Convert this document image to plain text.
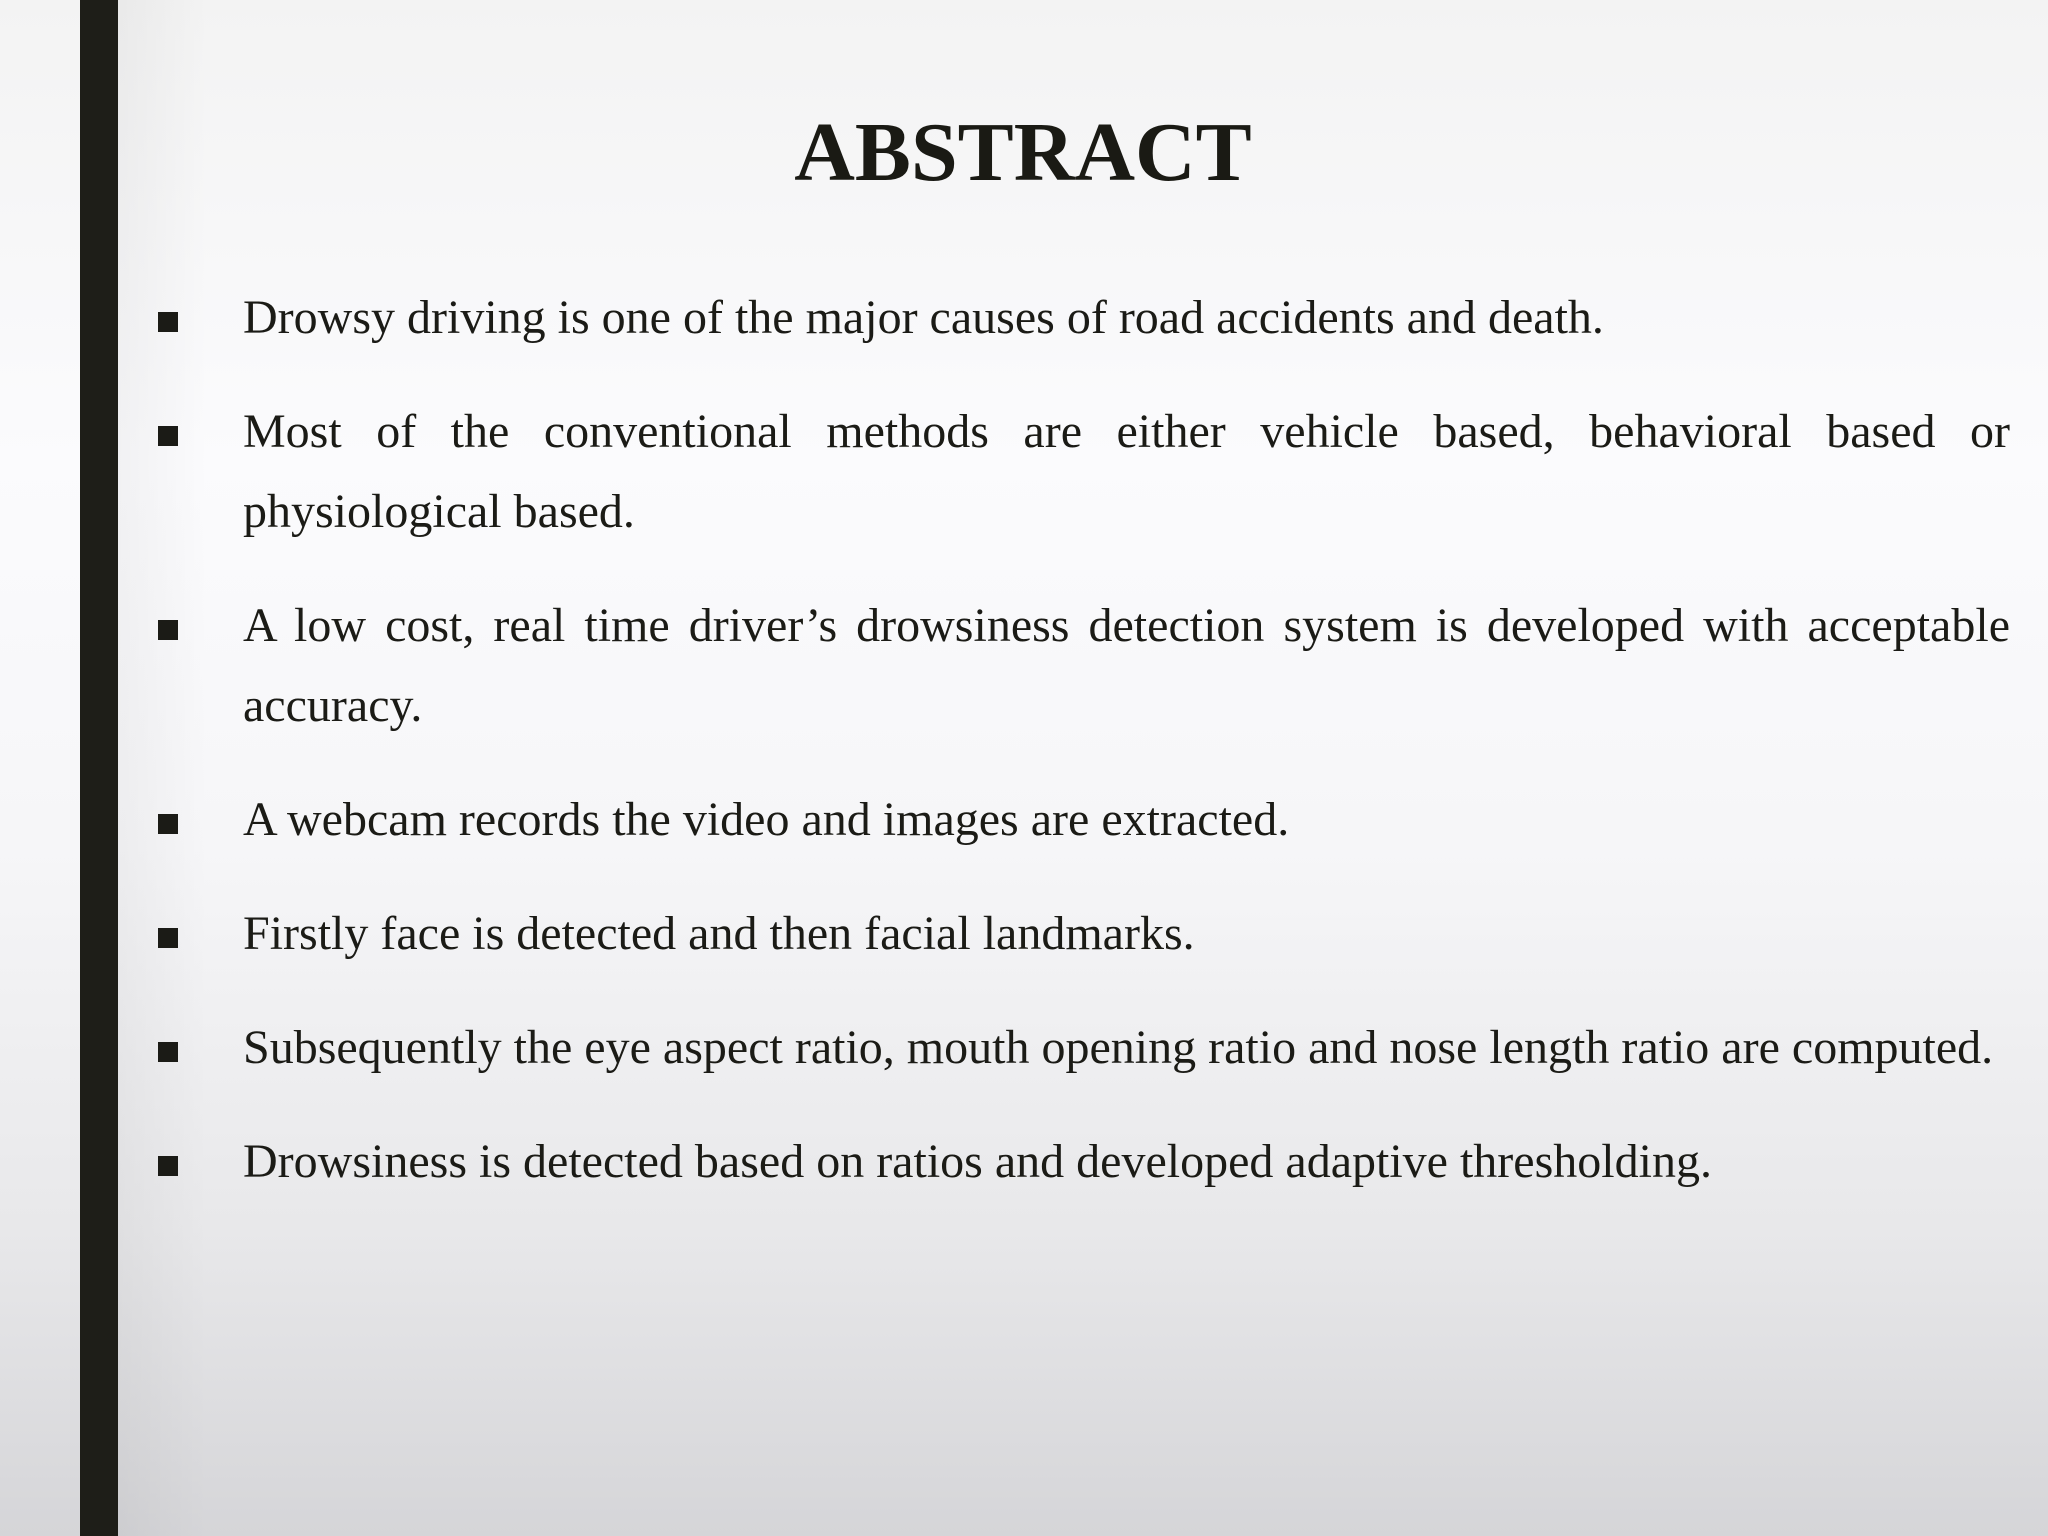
ABSTRACT
Drowsy driving is one of the major causes of road accidents and death.
Most of the conventional methods are either vehicle based, behavioral based or physiological based.
A low cost, real time driver’s drowsiness detection system is developed with acceptable accuracy.
A webcam records the video and images are extracted.
Firstly face is detected and then facial landmarks.
Subsequently the eye aspect ratio, mouth opening ratio and nose length ratio are computed.
Drowsiness is detected based on ratios and developed adaptive thresholding.
